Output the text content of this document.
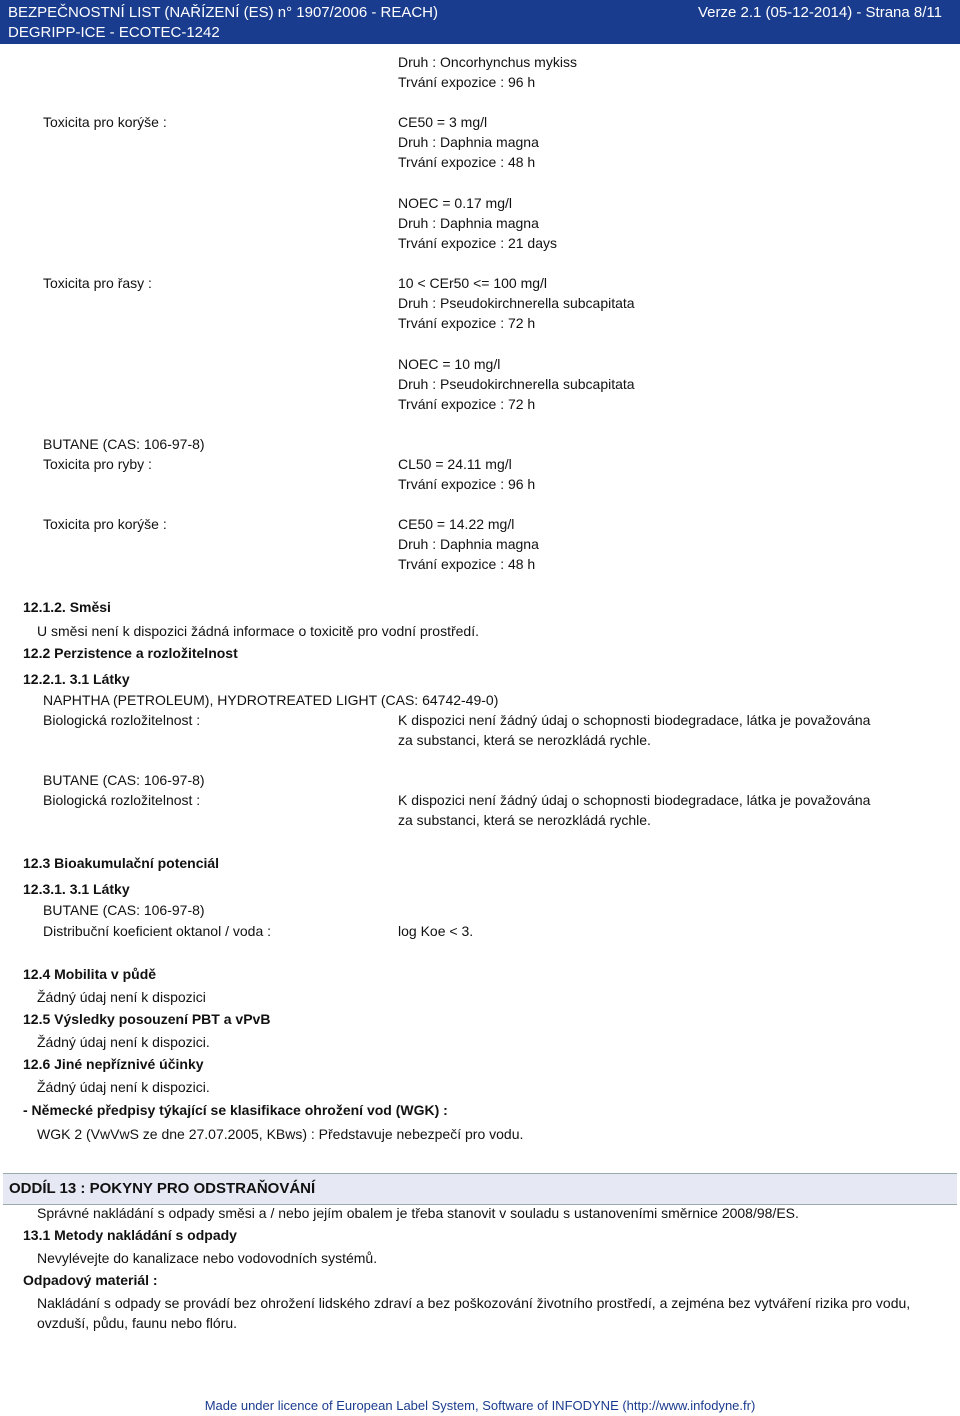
BEZPEČNOSTNÍ LIST (NAŘÍZENÍ (ES) n° 1907/2006 - REACH)	Verze 2.1 (05-12-2014) - Strana 8/11
DEGRIPP-ICE - ECOTEC-1242
Druh : Oncorhynchus mykiss
Trvání expozice : 96 h
Toxicita pro korýše :	CE50 = 3 mg/l
Druh : Daphnia magna
Trvání expozice : 48 h
NOEC = 0.17 mg/l
Druh : Daphnia magna
Trvání expozice : 21 days
Toxicita pro řasy :	10 < CEr50 <= 100 mg/l
Druh : Pseudokirchnerella subcapitata
Trvání expozice : 72 h
NOEC = 10 mg/l
Druh : Pseudokirchnerella subcapitata
Trvání expozice : 72 h
BUTANE (CAS: 106-97-8)
Toxicita pro ryby :	CL50 = 24.11 mg/l
Trvání expozice : 96 h
Toxicita pro korýše :	CE50 = 14.22 mg/l
Druh : Daphnia magna
Trvání expozice : 48 h
12.1.2. Směsi
U směsi není k dispozici žádná informace o toxicitě pro vodní prostředí.
12.2 Perzistence a rozložitelnost
12.2.1. 3.1 Látky
NAPHTHA (PETROLEUM), HYDROTREATED LIGHT (CAS: 64742-49-0)
Biologická rozložitelnost :	K dispozici není žádný údaj o schopnosti biodegradace, látka je považována
za substanci, která se nerozkládá rychle.
BUTANE (CAS: 106-97-8)
Biologická rozložitelnost :	K dispozici není žádný údaj o schopnosti biodegradace, látka je považována
za substanci, která se nerozkládá rychle.
12.3 Bioakumulační potenciál
12.3.1. 3.1 Látky
BUTANE (CAS: 106-97-8)
Distribuční koeficient oktanol / voda :	log Koe < 3.
12.4 Mobilita v půdě
Žádný údaj není k dispozici
12.5 Výsledky posouzení PBT a vPvB
Žádný údaj není k dispozici.
12.6 Jiné nepříznivé účinky
Žádný údaj není k dispozici.
- Německé předpisy týkající se klasifikace ohrožení vod (WGK) :
WGK 2 (VwVwS ze dne 27.07.2005, KBws) : Představuje nebezpečí pro vodu.
ODDÍL 13 : POKYNY PRO ODSTRAŇOVÁNÍ
Správné nakládání s odpady směsi a / nebo jejím obalem je třeba stanovit v souladu s ustanoveními směrnice 2008/98/ES.
13.1 Metody nakládání s odpady
Nevylévejte do kanalizace nebo vodovodních systémů.
Odpadový materiál :
Nakládání s odpady se provádí bez ohrožení lidského zdraví a bez poškozování životního prostředí, a zejména bez vytváření rizika pro vodu,
ovzduší, půdu, faunu nebo flóru.
Made under licence of European Label System, Software of INFODYNE (http://www.infodyne.fr)
